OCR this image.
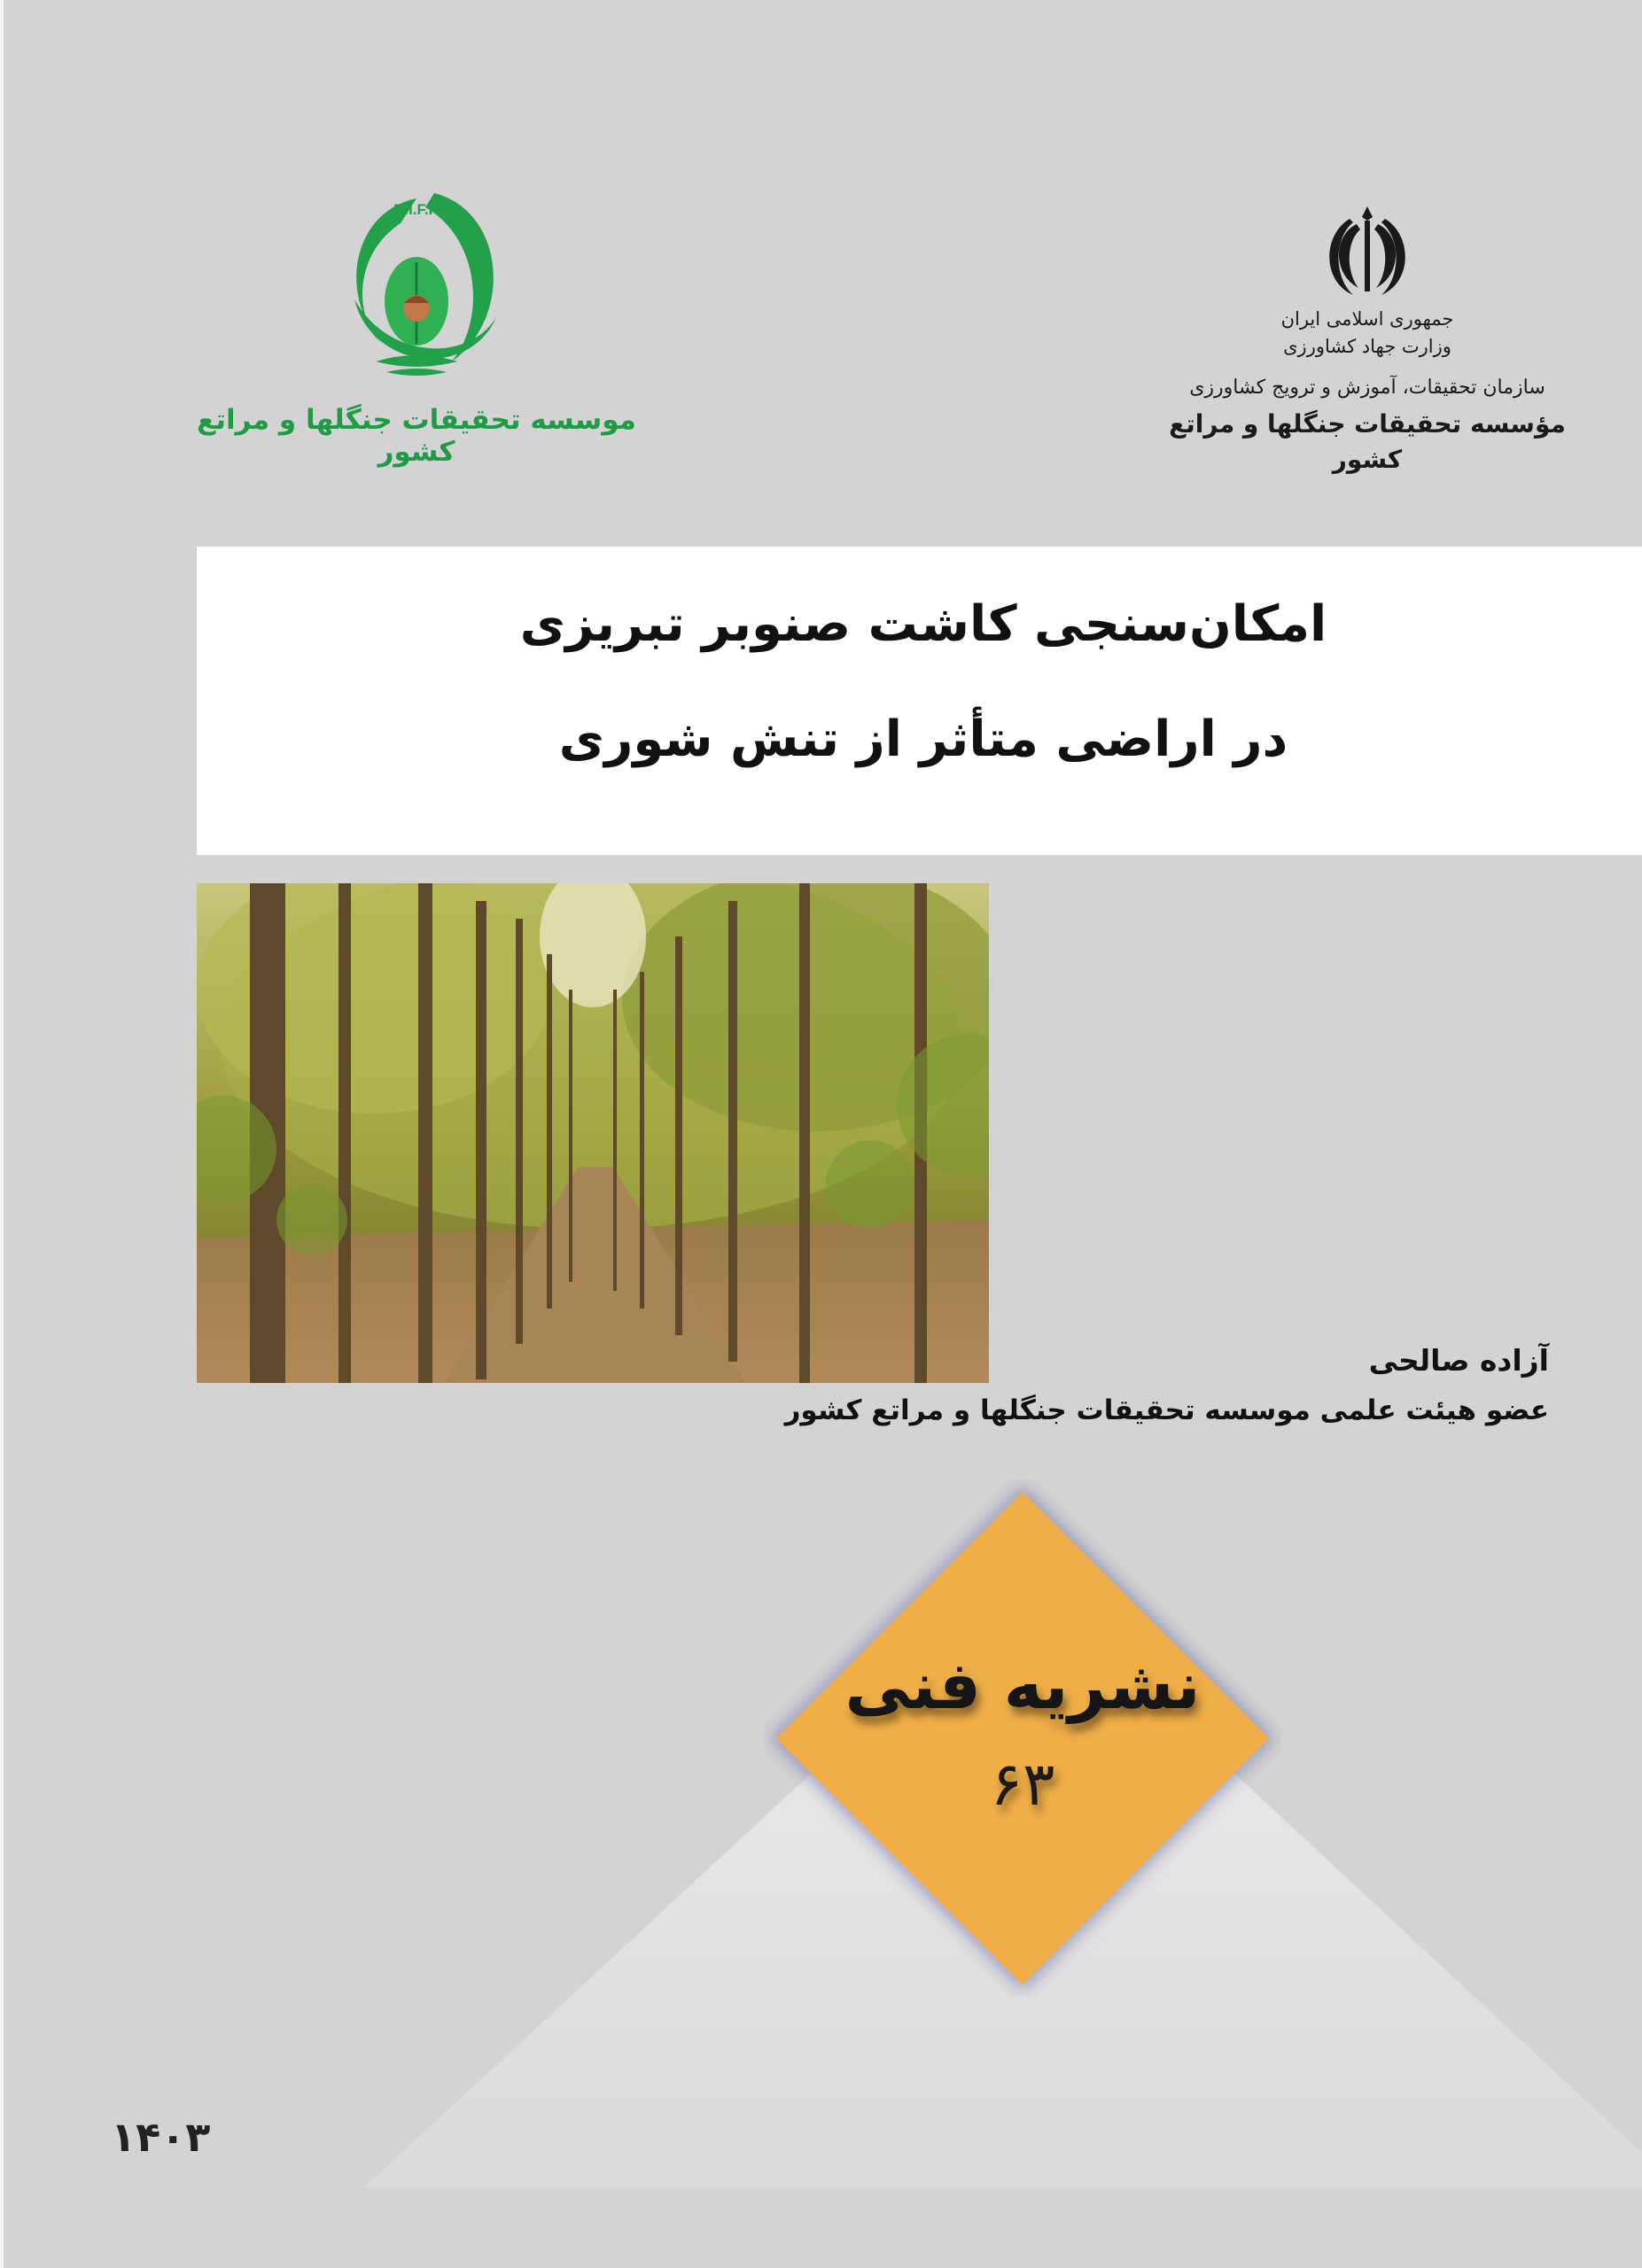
جمهوری اسلامی ایران
وزارت جهاد کشاورزی
سازمان تحقیقات، آموزش و ترویج کشاورزی
مؤسسه تحقیقات جنگلها و مراتع کشور
R.I.F.R
موسسه تحقیقات جنگلها و مراتع کشور
امکان‌سنجی کاشت صنوبر تبریزی
در اراضی متأثر از تنش شوری
آزاده صالحی
عضو هیئت علمی موسسه تحقیقات جنگلها و مراتع کشور
نشریه فنی
۶۳
۱۴۰۳
